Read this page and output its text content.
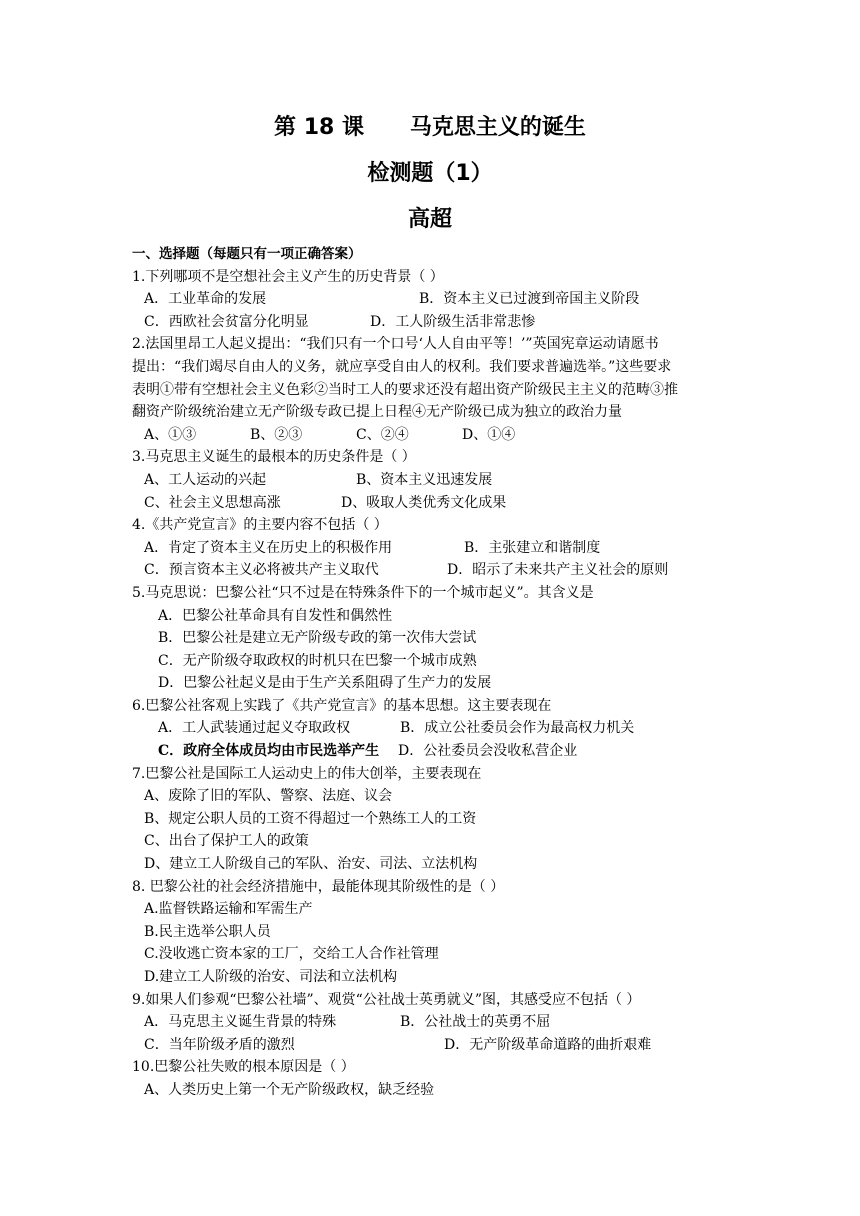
第 18 课      马克思主义的诞生
检测题（1）
高超
一、选择题（每题只有一项正确答案）
1.下列哪项不是空想社会主义产生的历史背景（ ）
A．工业革命的发展	B．资本主义已过渡到帝国主义阶段
C．西欧社会贫富分化明显	D．工人阶级生活非常悲惨
2.法国里昂工人起义提出：“我们只有一个口号‘人人自由平等！’”英国宪章运动请愿书
提出：“我们竭尽自由人的义务，就应享受自由人的权利。我们要求普遍选举。”这些要求
表明①带有空想社会主义色彩②当时工人的要求还没有超出资产阶级民主主义的范畴③推
翻资产阶级统治建立无产阶级专政已提上日程④无产阶级已成为独立的政治力量
A、①③	B、②③	C、②④	D、①④
3.马克思主义诞生的最根本的历史条件是（ ）
A、工人运动的兴起	B、资本主义迅速发展
C、社会主义思想高涨	D、吸取人类优秀文化成果
4.《共产党宣言》的主要内容不包括（ ）
A．肯定了资本主义在历史上的积极作用	B．主张建立和谐制度
C．预言资本主义必将被共产主义取代	D．昭示了未来共产主义社会的原则
5.马克思说：巴黎公社“只不过是在特殊条件下的一个城市起义”。其含义是
A．巴黎公社革命具有自发性和偶然性
B．巴黎公社是建立无产阶级专政的第一次伟大尝试
C．无产阶级夺取政权的时机只在巴黎一个城市成熟
D．巴黎公社起义是由于生产关系阻碍了生产力的发展
6.巴黎公社客观上实践了《共产党宣言》的基本思想。这主要表现在
A．工人武装通过起义夺取政权	B．成立公社委员会作为最高权力机关
C．政府全体成员均由市民选举产生	D．公社委员会没收私营企业
7.巴黎公社是国际工人运动史上的伟大创举，主要表现在
A、废除了旧的军队、警察、法庭、议会
B、规定公职人员的工资不得超过一个熟练工人的工资
C、出台了保护工人的政策
D、建立工人阶级自己的军队、治安、司法、立法机构
8. 巴黎公社的社会经济措施中，最能体现其阶级性的是（ ）
A.监督铁路运输和军需生产
B.民主选举公职人员
C.没收逃亡资本家的工厂，交给工人合作社管理
D.建立工人阶级的治安、司法和立法机构
9.如果人们参观“巴黎公社墙”、观赏“公社战士英勇就义”图，其感受应不包括（ ）
A．马克思主义诞生背景的特殊	B．公社战士的英勇不屈
C．当年阶级矛盾的激烈	D．无产阶级革命道路的曲折艰难
10.巴黎公社失败的根本原因是（ ）
A、人类历史上第一个无产阶级政权，缺乏经验
